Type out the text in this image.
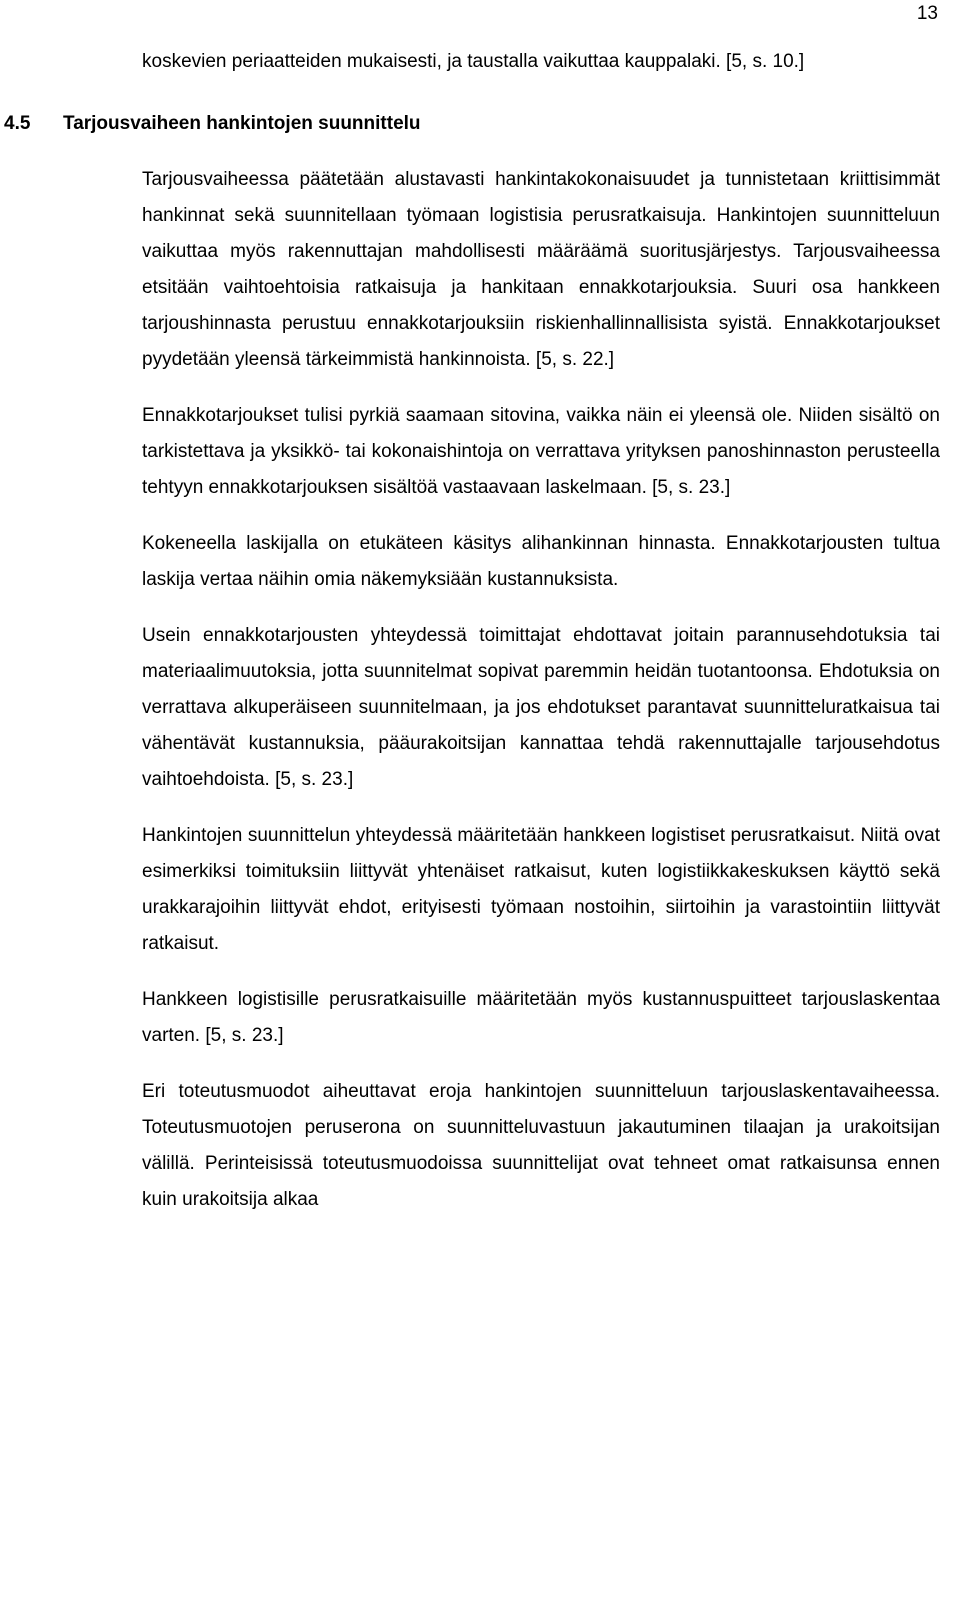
13

koskevien periaatteiden mukaisesti, ja taustalla vaikuttaa kauppalaki. [5, s. 10.]

4.5	Tarjousvaiheen hankintojen suunnittelu

Tarjousvaiheessa päätetään alustavasti hankintakokonaisuudet ja tunnistetaan kriittisimmät hankinnat sekä suunnitellaan työmaan logistisia perusratkaisuja. Hankintojen suunnitteluun vaikuttaa myös rakennuttajan mahdollisesti määräämä suoritusjärjestys. Tarjousvaiheessa etsitään vaihtoehtoisia ratkaisuja ja hankitaan ennakkotarjouksia. Suuri osa hankkeen tarjoushinnasta perustuu ennakkotarjouksiin riskienhallinnallisista syistä. Ennakkotarjoukset pyydetään yleensä tärkeimmistä hankinnoista. [5, s. 22.]

Ennakkotarjoukset tulisi pyrkiä saamaan sitovina, vaikka näin ei yleensä ole. Niiden sisältö on tarkistettava ja yksikkö- tai kokonaishintoja on verrattava yrityksen panoshinnaston perusteella tehtyyn ennakkotarjouksen sisältöä vastaavaan laskelmaan. [5, s. 23.]

Kokeneella laskijalla on etukäteen käsitys alihankinnan hinnasta. Ennakkotarjousten tultua laskija vertaa näihin omia näkemyksiään kustannuksista.

Usein ennakkotarjousten yhteydessä toimittajat ehdottavat joitain parannusehdotuksia tai materiaalimuutoksia, jotta suunnitelmat sopivat paremmin heidän tuotantoonsa. Ehdotuksia on verrattava alkuperäiseen suunnitelmaan, ja jos ehdotukset parantavat suunnitteluratkaisua tai vähentävät kustannuksia, pääurakoitsijan kannattaa tehdä rakennuttajalle tarjousehdotus vaihtoehdoista. [5, s. 23.]

Hankintojen suunnittelun yhteydessä määritetään hankkeen logistiset perusratkaisut. Niitä ovat esimerkiksi toimituksiin liittyvät yhtenäiset ratkaisut, kuten logistiikkakeskuksen käyttö sekä urakkarajoihin liittyvät ehdot, erityisesti työmaan nostoihin, siirtoihin ja varastointiin liittyvät ratkaisut.

Hankkeen logistisille perusratkaisuille määritetään myös kustannuspuitteet tarjouslaskentaa varten. [5, s. 23.]

Eri toteutusmuodot aiheuttavat eroja hankintojen suunnitteluun tarjouslaskentavaiheessa. Toteutusmuotojen peruserona on suunnitteluvastuun jakautuminen tilaajan ja urakoitsijan välillä. Perinteisissä toteutusmuodoissa suunnittelijat ovat tehneet omat ratkaisunsa ennen kuin urakoitsija alkaa
